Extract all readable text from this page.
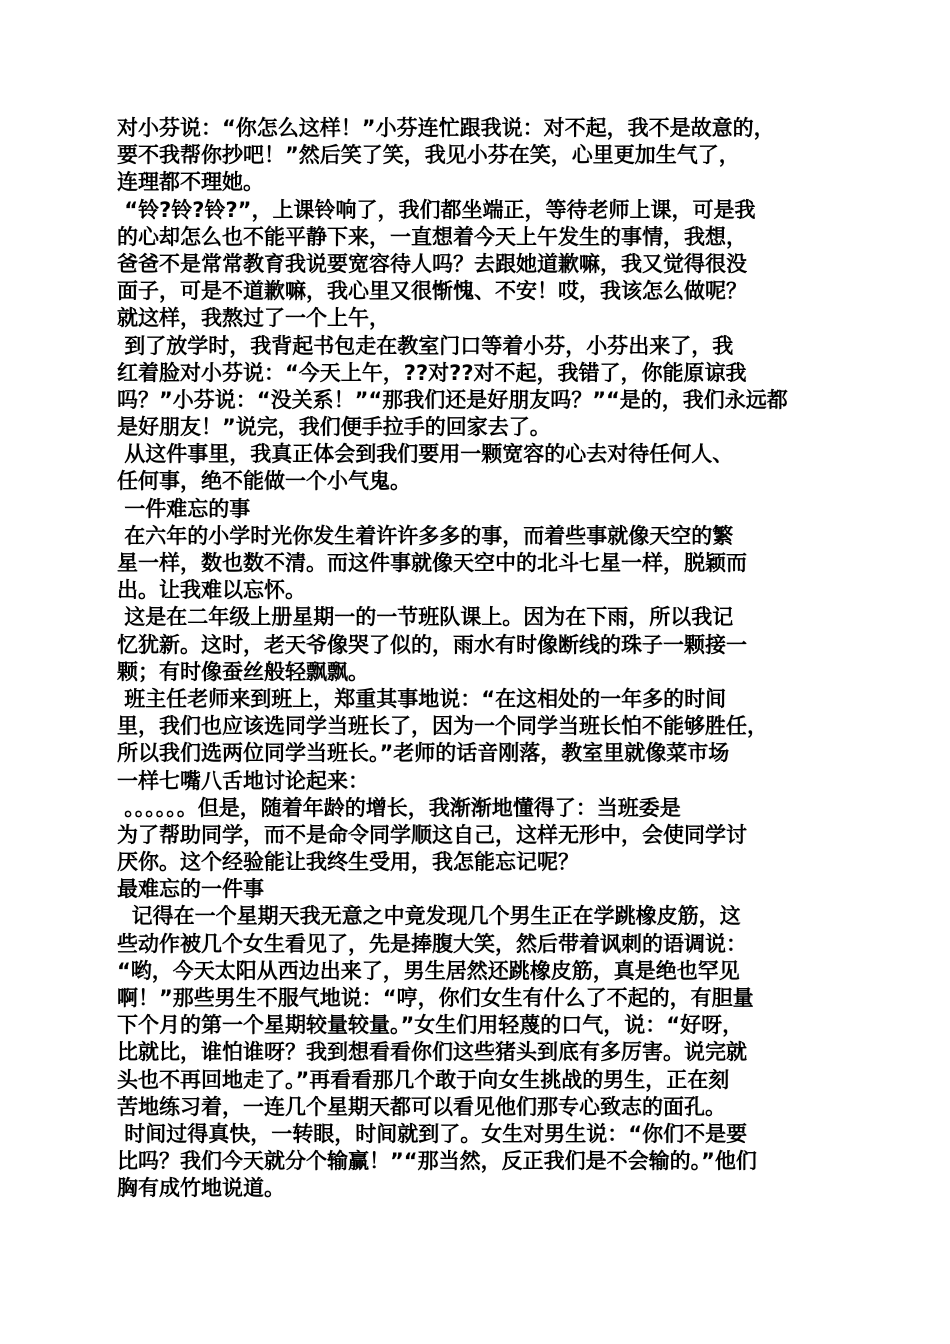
对小芬说：“你怎么这样！”小芬连忙跟我说：对不起，我不是故意的，
要不我帮你抄吧！”然后笑了笑，我见小芬在笑，心里更加生气了，
连理都不理她。
“铃?铃?铃?”，上课铃响了，我们都坐端正，等待老师上课，可是我
的心却怎么也不能平静下来，一直想着今天上午发生的事情，我想，
爸爸不是常常教育我说要宽容待人吗？去跟她道歉嘛，我又觉得很没
面子，可是不道歉嘛，我心里又很惭愧、不安！哎，我该怎么做呢？
就这样，我熬过了一个上午，
到了放学时，我背起书包走在教室门口等着小芬，小芬出来了，我
红着脸对小芬说：“今天上午，??对??对不起，我错了，你能原谅我
吗？”小芬说：“没关系！”“那我们还是好朋友吗？”“是的，我们永远都
是好朋友！”说完，我们便手拉手的回家去了。
从这件事里，我真正体会到我们要用一颗宽容的心去对待任何人、
任何事，绝不能做一个小气鬼。
一件难忘的事
在六年的小学时光你发生着许许多多的事，而着些事就像天空的繁
星一样，数也数不清。而这件事就像天空中的北斗七星一样，脱颖而
出。让我难以忘怀。
这是在二年级上册星期一的一节班队课上。因为在下雨，所以我记
忆犹新。这时，老天爷像哭了似的，雨水有时像断线的珠子一颗接一
颗；有时像蚕丝般轻飘飘。
班主任老师来到班上，郑重其事地说：“在这相处的一年多的时间
里，我们也应该选同学当班长了，因为一个同学当班长怕不能够胜任，
所以我们选两位同学当班长。”老师的话音刚落，教室里就像菜市场
一样七嘴八舌地讨论起来：
。。。。。。但是，随着年龄的增长，我渐渐地懂得了：当班委是
为了帮助同学，而不是命令同学顺这自己，这样无形中，会使同学讨
厌你。这个经验能让我终生受用，我怎能忘记呢？
最难忘的一件事
记得在一个星期天我无意之中竟发现几个男生正在学跳橡皮筋，这
些动作被几个女生看见了，先是捧腹大笑，然后带着讽刺的语调说：
“哟，今天太阳从西边出来了，男生居然还跳橡皮筋，真是绝也罕见
啊！”那些男生不服气地说：“哼，你们女生有什么了不起的，有胆量
下个月的第一个星期较量较量。”女生们用轻蔑的口气，说：“好呀，
比就比，谁怕谁呀？我到想看看你们这些猪头到底有多厉害。说完就
头也不再回地走了。”再看看那几个敢于向女生挑战的男生，正在刻
苦地练习着，一连几个星期天都可以看见他们那专心致志的面孔。
时间过得真快，一转眼，时间就到了。女生对男生说：“你们不是要
比吗？我们今天就分个输赢！”“那当然，反正我们是不会输的。”他们
胸有成竹地说道。
